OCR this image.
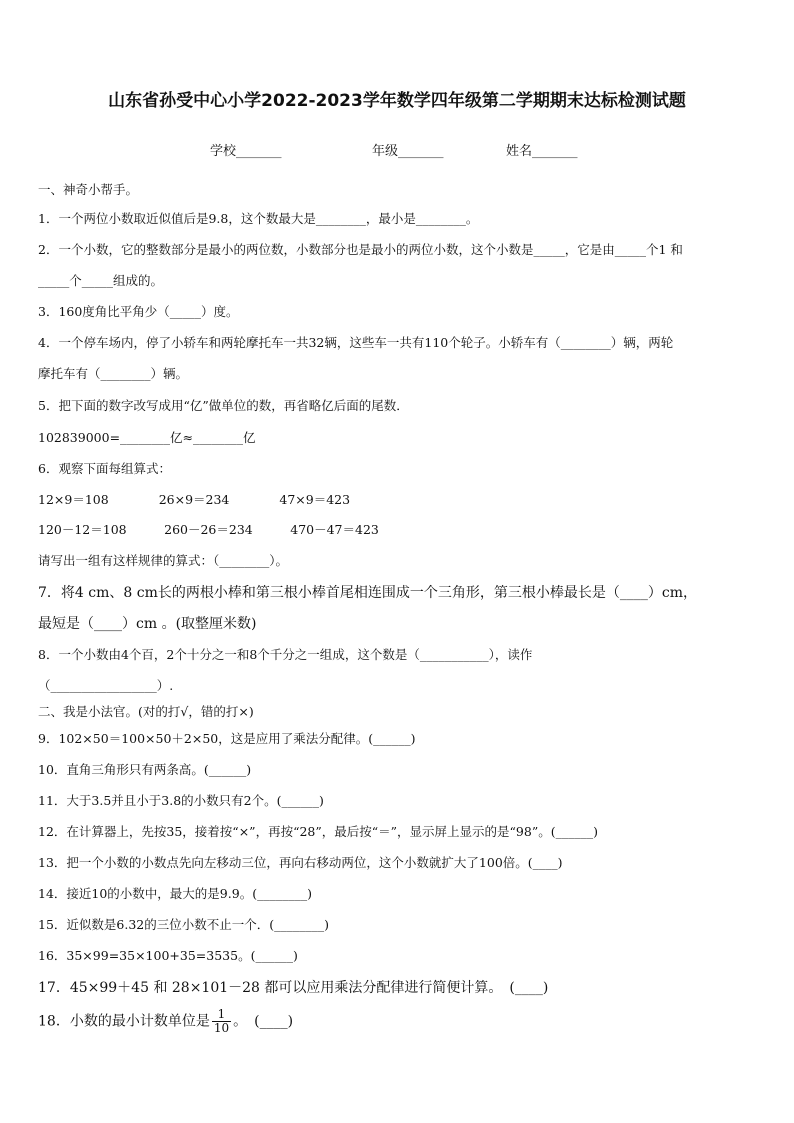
山东省孙受中心小学2022-2023学年数学四年级第二学期期末达标检测试题
学校_______	年级_______	姓名_______
一、神奇小帮手。
1．一个两位小数取近似值后是9.8，这个数最大是________，最小是________。
2．一个小数，它的整数部分是最小的两位数，小数部分也是最小的两位小数，这个小数是_____，它是由_____个1 和
_____个_____组成的。
3．160度角比平角少（_____）度。
4．一个停车场内，停了小轿车和两轮摩托车一共32辆，这些车一共有110个轮子。小轿车有（________）辆，两轮
摩托车有（________）辆。
5．把下面的数字改写成用“亿”做单位的数，再省略亿后面的尾数．
102839000=________亿≈________亿
6．观察下面每组算式：
12×9＝108　　　　26×9＝234　　　　47×9＝423
120－12＝108　　　260－26＝234　　　470－47＝423
请写出一组有这样规律的算式：（________）。
7．将4 cm、8 cm长的两根小棒和第三根小棒首尾相连围成一个三角形，第三根小棒最长是（____）cm，
最短是（____）cm 。(取整厘米数)
8．一个小数由4个百，2个十分之一和8个千分之一组成，这个数是（___________），读作
（_________________）.
二、我是小法官。(对的打√，错的打×)
9．102×50＝100×50＋2×50，这是应用了乘法分配律。(______)
10．直角三角形只有两条高。(______)
11．大于3.5并且小于3.8的小数只有2个。(______)
12．在计算器上，先按35，接着按“×”，再按“28”，最后按“＝”，显示屏上显示的是“98”。(______)
13．把一个小数的小数点先向左移动三位，再向右移动两位，这个小数就扩大了100倍。(____)
14．接近10的小数中，最大的是9.9。(________)
15．近似数是6.32的三位小数不止一个．(________)
16．35×99=35×100+35=3535。(______)
17．45×99＋45 和 28×101－28 都可以应用乘法分配律进行简便计算。　(____)
18．小数的最小计数单位是 $\frac{1}{10}$ 。　(____)
